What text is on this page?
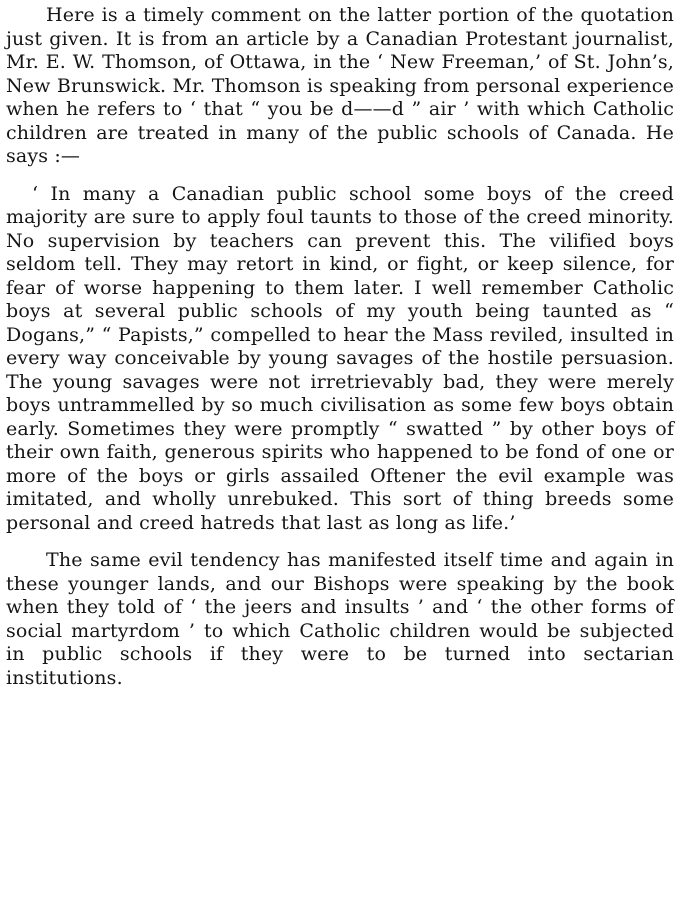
Here is a timely comment on the latter portion of the quotation just given. It is from an article by a Canadian Protestant journalist, Mr. E. W. Thomson, of Ottawa, in the ‘ New Freeman,’ of St. John’s, New Brunswick. Mr. Thomson is speaking from personal experience when he refers to ‘ that “ you be d——d ” air ’ with which Catholic children are treated in many of the public schools of Canada. He says :—

‘ In many a Canadian public school some boys of the creed majority are sure to apply foul taunts to those of the creed minority. No supervision by teachers can prevent this. The vilified boys seldom tell. They may retort in kind, or fight, or keep silence, for fear of worse happening to them later. I well remember Catholic boys at several public schools of my youth being taunted as “ Dogans,” “ Papists,” compelled to hear the Mass reviled, insulted in every way conceivable by young savages of the hostile persuasion. The young savages were not irretrievably bad, they were merely boys untrammelled by so much civilisation as some few boys obtain early. Sometimes they were promptly “ swatted ” by other boys of their own faith, generous spirits who happened to be fond of one or more of the boys or girls assailed Oftener the evil example was imitated, and wholly unrebuked. This sort of thing breeds some personal and creed hatreds that last as long as life.’

The same evil tendency has manifested itself time and again in these younger lands, and our Bishops were speaking by the book when they told of ‘ the jeers and insults ’ and ‘ the other forms of social martyrdom ’ to which Catholic children would be subjected in public schools if they were to be turned into sectarian institutions.
